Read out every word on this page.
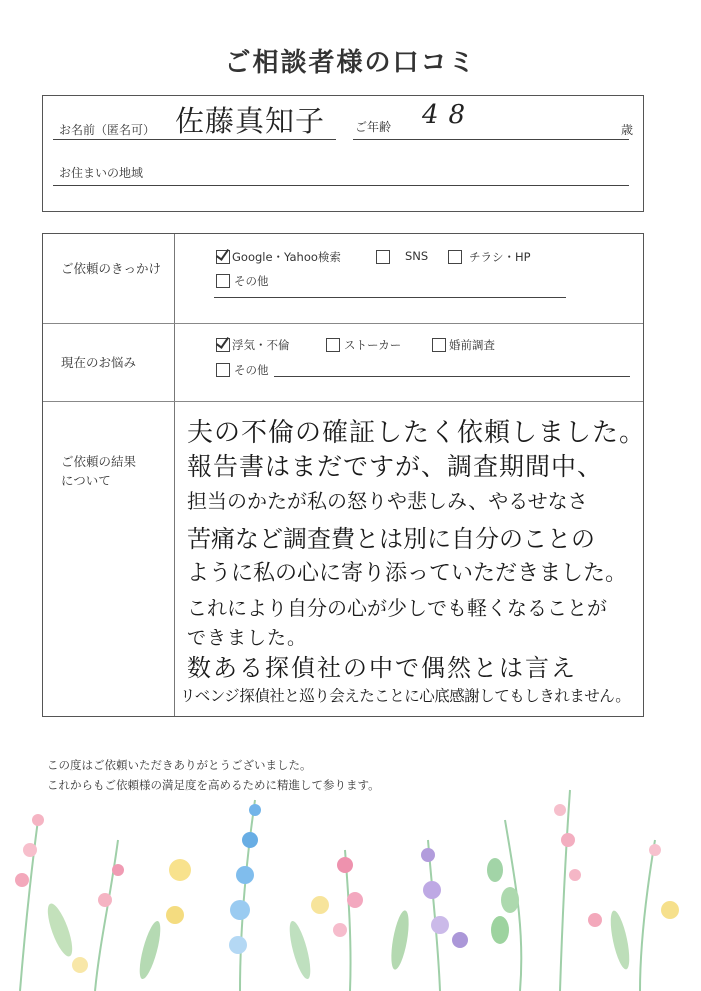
ご相談者様の口コミ
お名前（匿名可） 佐藤真知子 ご年齢 48	歳
お住まいの地域
ご依頼のきっかけ
Google・Yahoo検索	SNS	チラシ・HP
その他
現在のお悩み
浮気・不倫	ストーカー	婚前調査
その他
ご依頼の結果
について
夫の不倫の確証したく依頼しました。
報告書はまだですが、調査期間中、
担当のかたが私の怒りや悲しみ、やるせなさ
苦痛など調査費とは別に自分のことの
ように私の心に寄り添っていただきました。
これにより自分の心が少しでも軽くなることが
できました。
数ある探偵社の中で偶然とは言え
リベンジ探偵社と巡り会えたことに心底感謝してもしきれません。
この度はご依頼いただきありがとうございました。
これからもご依頼様の満足度を高めるために精進して参ります。
